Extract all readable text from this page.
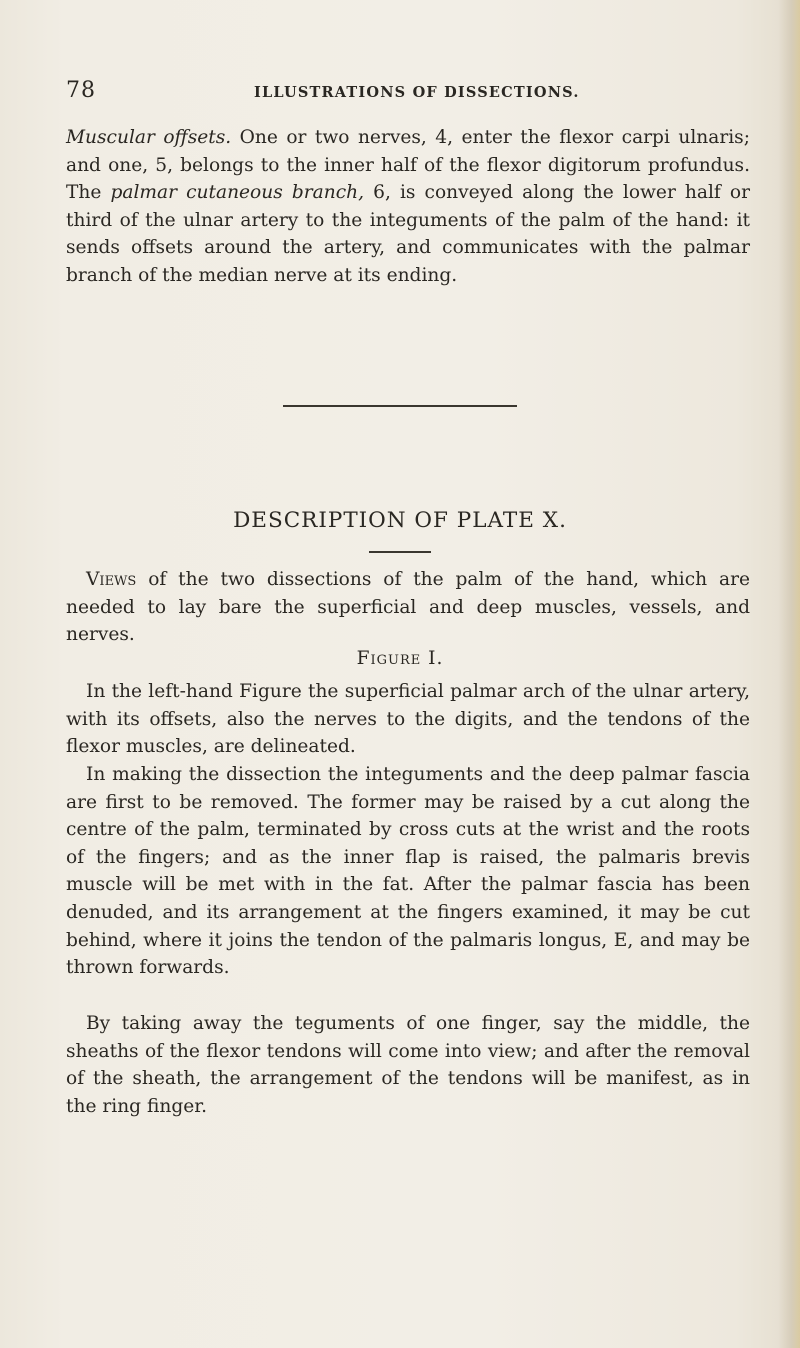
78	ILLUSTRATIONS OF DISSECTIONS.

Muscular offsets. One or two nerves, 4, enter the flexor carpi ulnaris; and one, 5, belongs to the inner half of the flexor digitorum profundus. The palmar cutaneous branch, 6, is conveyed along the lower half or third of the ulnar artery to the integuments of the palm of the hand: it sends offsets around the artery, and communicates with the palmar branch of the median nerve at its ending.

DESCRIPTION OF PLATE X.

Views of the two dissections of the palm of the hand, which are needed to lay bare the superficial and deep muscles, vessels, and nerves.

Figure I.

In the left-hand Figure the superficial palmar arch of the ulnar artery, with its offsets, also the nerves to the digits, and the tendons of the flexor muscles, are delineated.

In making the dissection the integuments and the deep palmar fascia are first to be removed. The former may be raised by a cut along the centre of the palm, terminated by cross cuts at the wrist and the roots of the fingers; and as the inner flap is raised, the palmaris brevis muscle will be met with in the fat. After the palmar fascia has been denuded, and its arrangement at the fingers examined, it may be cut behind, where it joins the tendon of the palmaris longus, E, and may be thrown forwards.

By taking away the teguments of one finger, say the middle, the sheaths of the flexor tendons will come into view; and after the removal of the sheath, the arrangement of the tendons will be manifest, as in the ring finger.
